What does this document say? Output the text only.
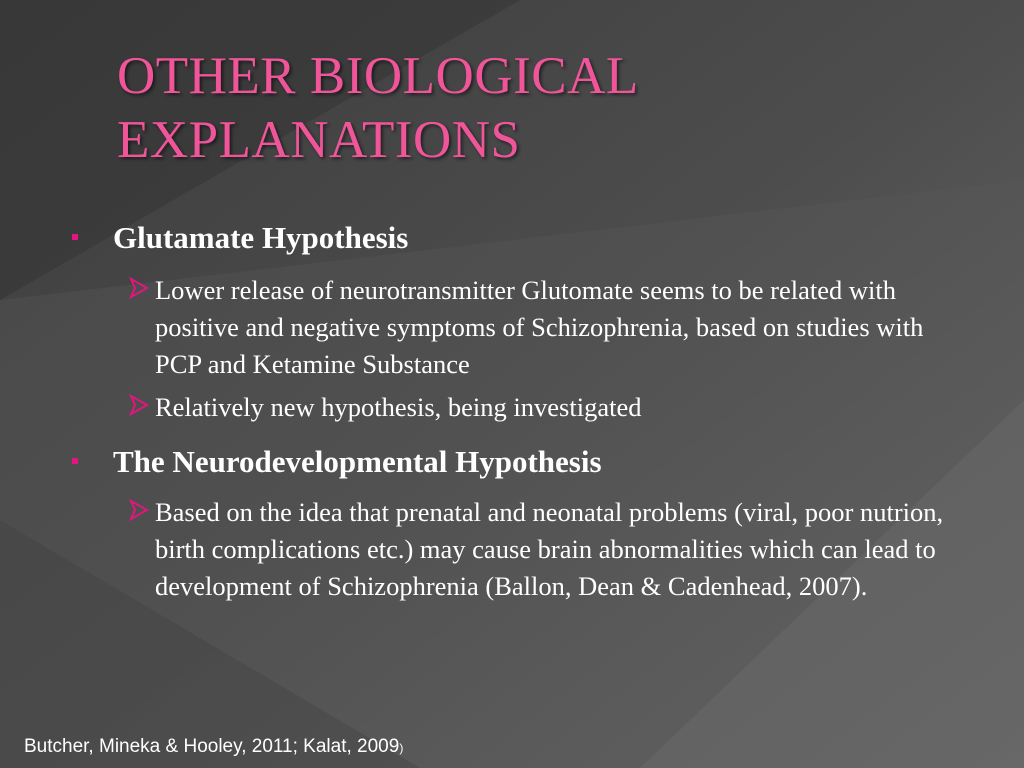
OTHER BIOLOGICAL
EXPLANATIONS

Glutamate Hypothesis

Lower release of neurotransmitter Glutomate seems to be related with positive and negative symptoms of Schizophrenia, based on studies with PCP and Ketamine Substance

Relatively new hypothesis, being investigated

The Neurodevelopmental Hypothesis

Based on the idea that prenatal and neonatal problems (viral, poor nutrion, birth complications etc.) may cause brain abnormalities which can lead to development of Schizophrenia (Ballon, Dean & Cadenhead, 2007).

Butcher, Mineka & Hooley, 2011; Kalat, 2009)
